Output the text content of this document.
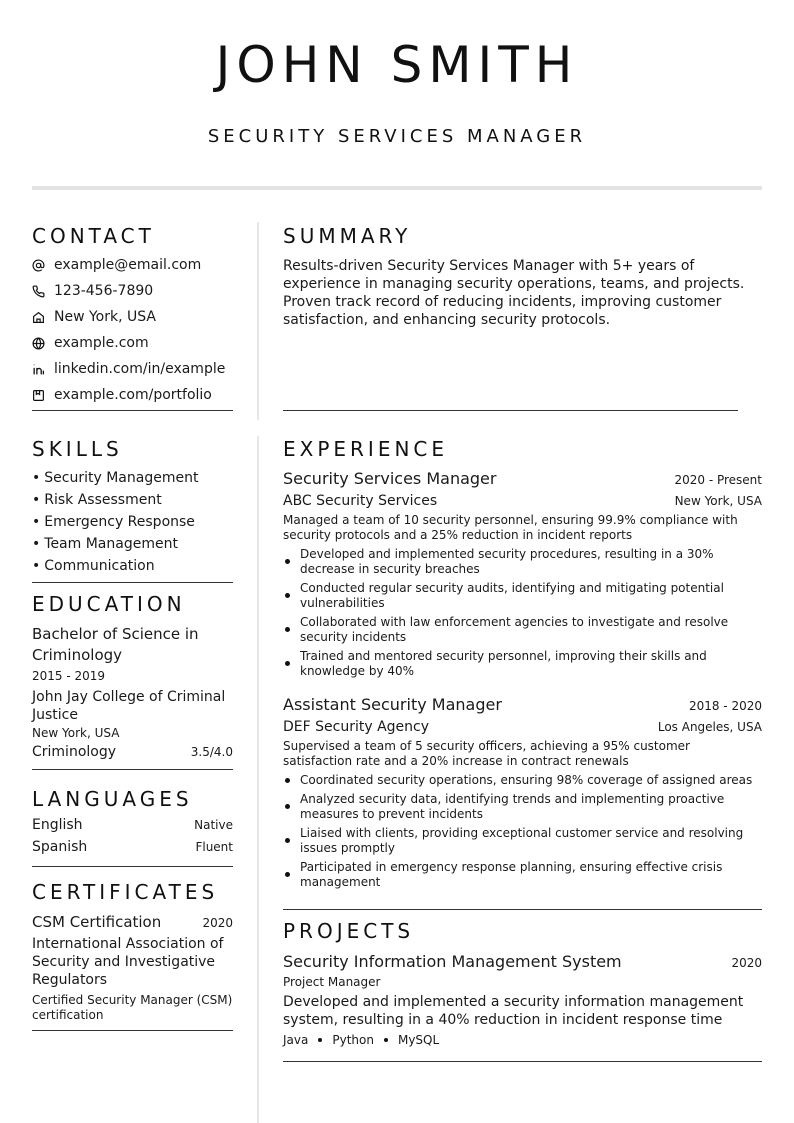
JOHN SMITH
SECURITY SERVICES MANAGER
CONTACT
example@email.com
123-456-7890
New York, USA
example.com
linkedin.com/in/example
example.com/portfolio
SKILLS
• Security Management
• Risk Assessment
• Emergency Response
• Team Management
• Communication
EDUCATION
Bachelor of Science in Criminology
2015 - 2019
John Jay College of Criminal Justice
New York, USA
Criminology	3.5/4.0
LANGUAGES
English	Native
Spanish	Fluent
CERTIFICATES
CSM Certification	2020
International Association of Security and Investigative Regulators
Certified Security Manager (CSM) certification
SUMMARY
Results-driven Security Services Manager with 5+ years of experience in managing security operations, teams, and projects. Proven track record of reducing incidents, improving customer satisfaction, and enhancing security protocols.
EXPERIENCE
Security Services Manager	2020 - Present
ABC Security Services	New York, USA
Managed a team of 10 security personnel, ensuring 99.9% compliance with security protocols and a 25% reduction in incident reports
Developed and implemented security procedures, resulting in a 30% decrease in security breaches
Conducted regular security audits, identifying and mitigating potential vulnerabilities
Collaborated with law enforcement agencies to investigate and resolve security incidents
Trained and mentored security personnel, improving their skills and knowledge by 40%
Assistant Security Manager	2018 - 2020
DEF Security Agency	Los Angeles, USA
Supervised a team of 5 security officers, achieving a 95% customer satisfaction rate and a 20% increase in contract renewals
Coordinated security operations, ensuring 98% coverage of assigned areas
Analyzed security data, identifying trends and implementing proactive measures to prevent incidents
Liaised with clients, providing exceptional customer service and resolving issues promptly
Participated in emergency response planning, ensuring effective crisis management
PROJECTS
Security Information Management System	2020
Project Manager
Developed and implemented a security information management system, resulting in a 40% reduction in incident response time
Java Python MySQL
